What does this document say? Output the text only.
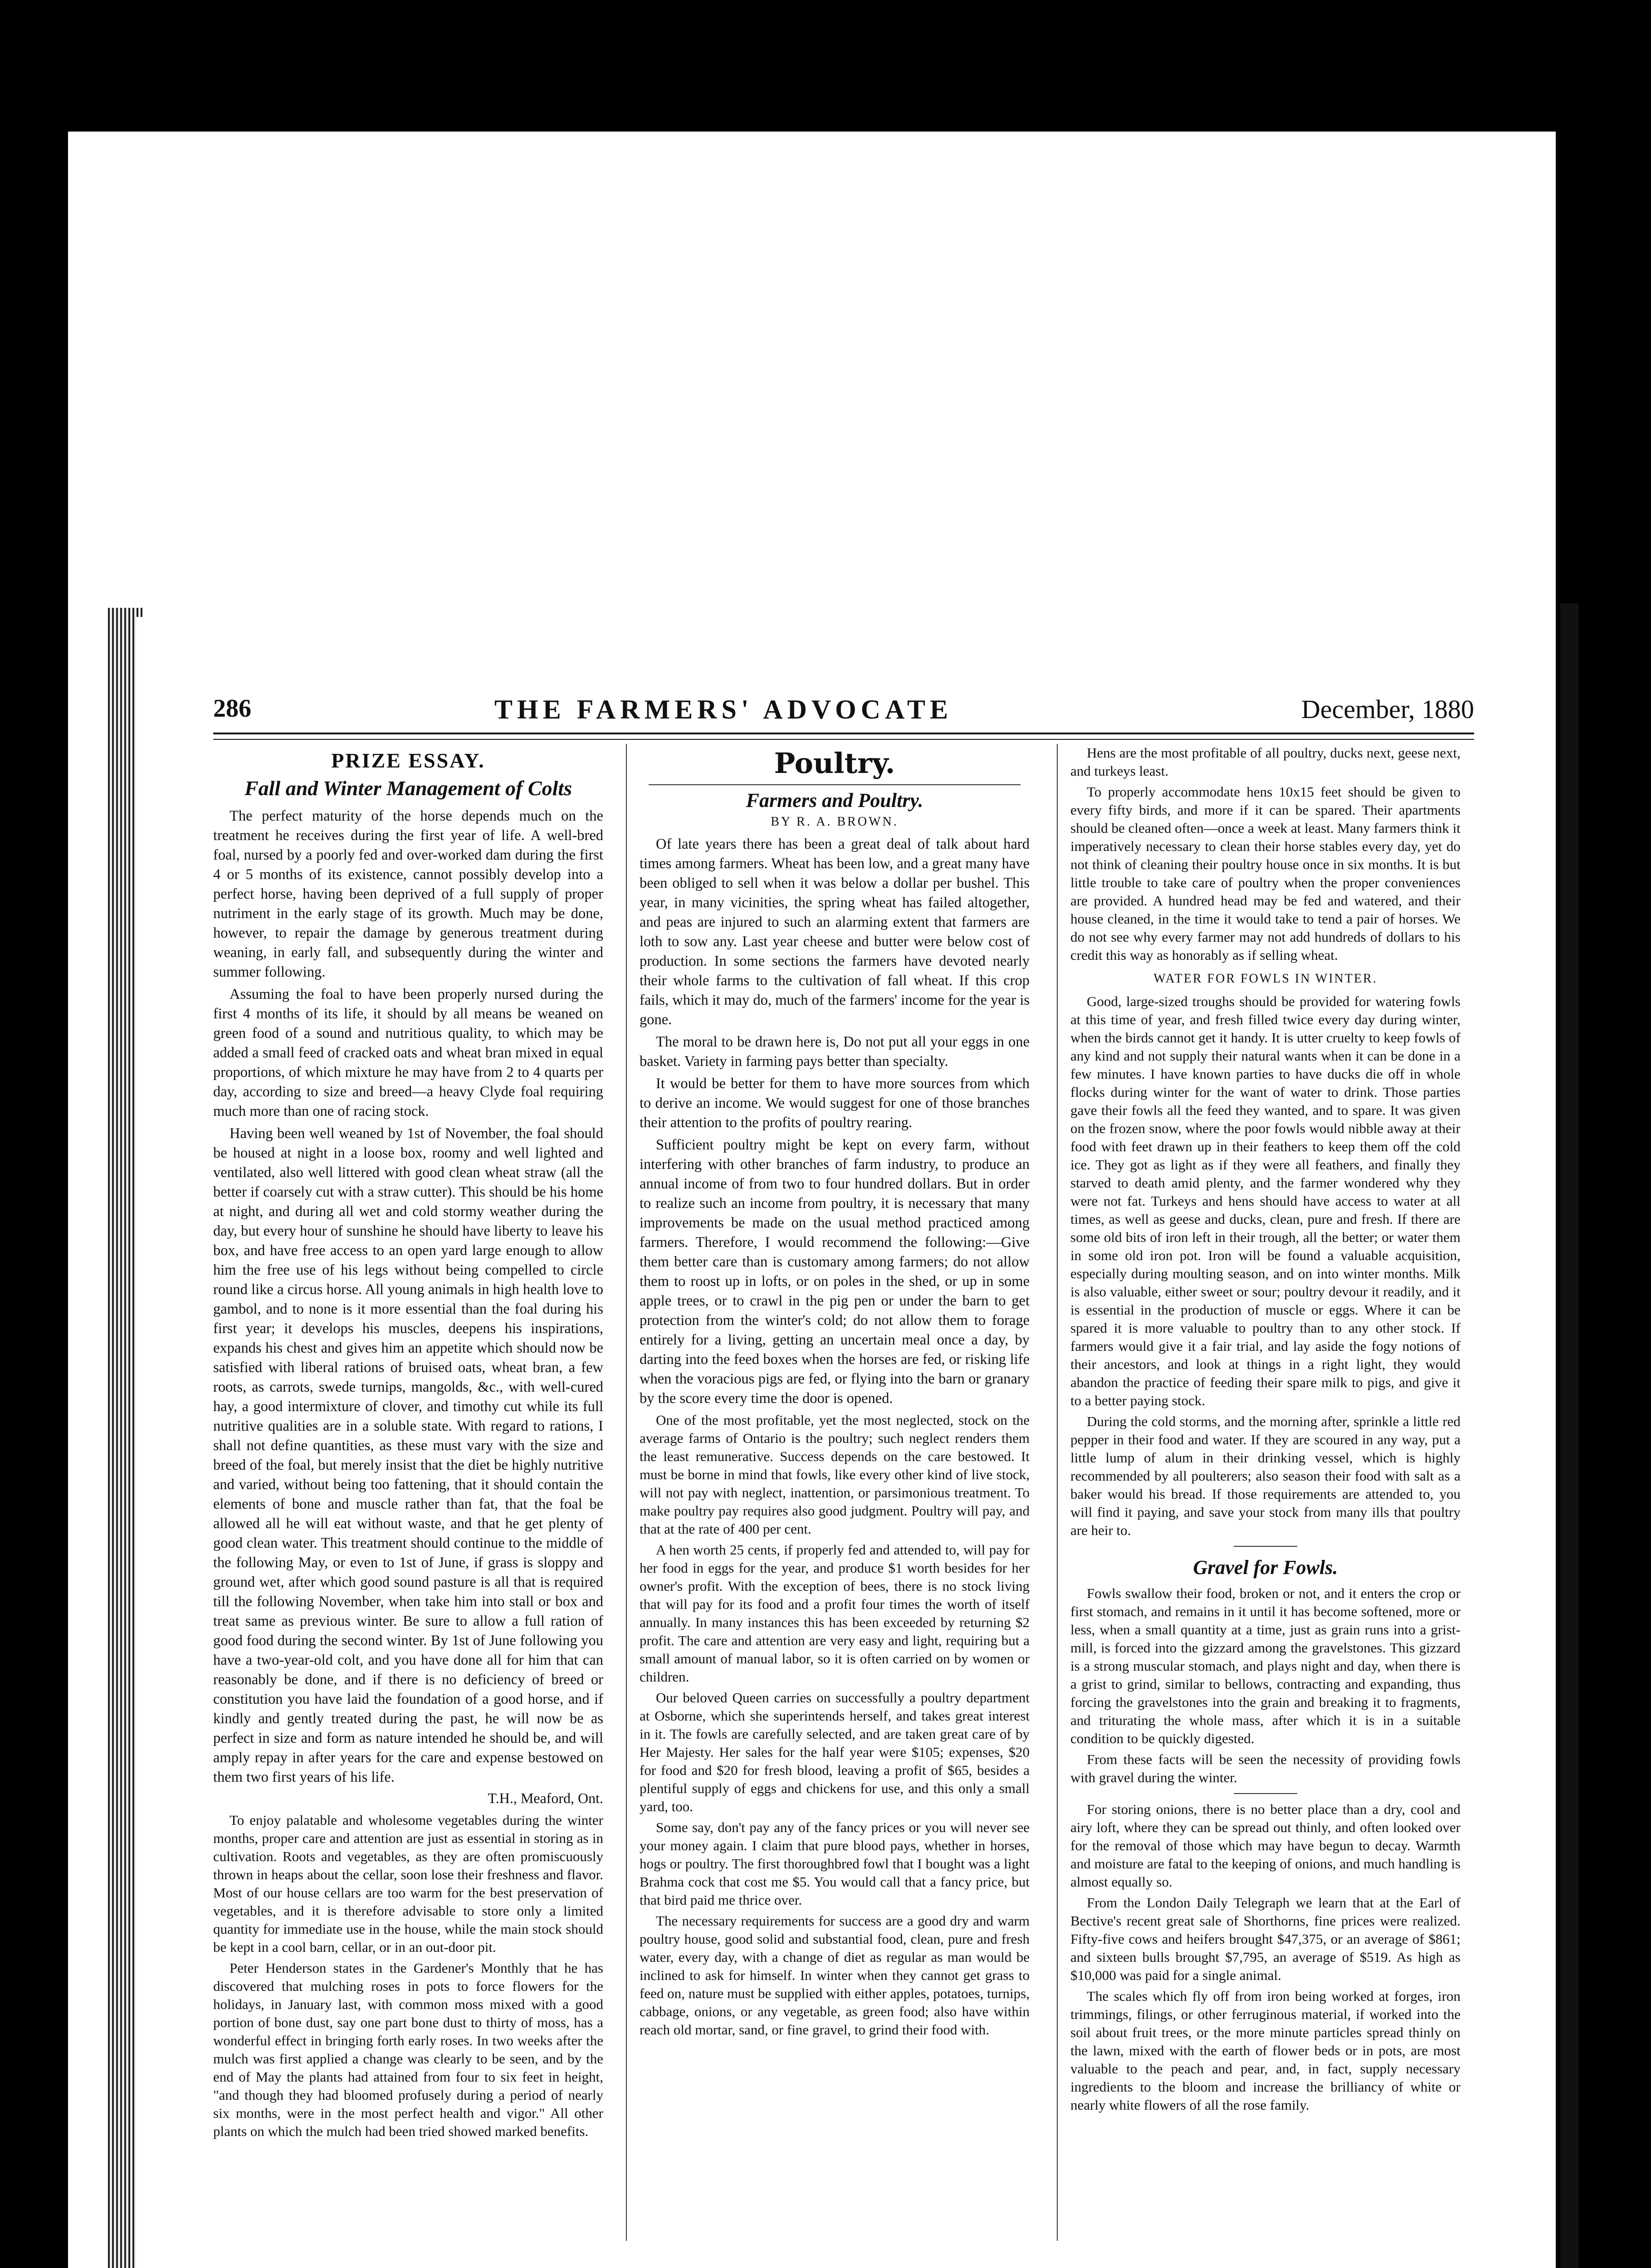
286	THE FARMERS' ADVOCATE	December, 1880
PRIZE ESSAY.
Fall and Winter Management of Colts

The perfect maturity of the horse depends much on the treatment he receives during the first year of life. A well-bred foal, nursed by a poorly fed and over-worked dam during the first 4 or 5 months of its existence, cannot possibly develop into a perfect horse, having been deprived of a full supply of proper nutriment in the early stage of its growth. Much may be done, however, to repair the damage by generous treatment during weaning, in early fall, and subsequently during the winter and summer following.

Assuming the foal to have been properly nursed during the first 4 months of its life, it should by all means be weaned on green food of a sound and nutritious quality, to which may be added a small feed of cracked oats and wheat bran mixed in equal proportions, of which mixture he may have from 2 to 4 quarts per day, according to size and breed—a heavy Clyde foal requiring much more than one of racing stock.

Having been well weaned by 1st of November, the foal should be housed at night in a loose box, roomy and well lighted and ventilated, also well littered with good clean wheat straw (all the better if coarsely cut with a straw cutter). This should be his home at night, and during all wet and cold stormy weather during the day, but every hour of sunshine he should have liberty to leave his box, and have free access to an open yard large enough to allow him the free use of his legs without being compelled to circle round like a circus horse. All young animals in high health love to gambol, and to none is it more essential than the foal during his first year; it develops his muscles, deepens his inspirations, expands his chest and gives him an appetite which should now be satisfied with liberal rations of bruised oats, wheat bran, a few roots, as carrots, swede turnips, mangolds, &c., with well-cured hay, a good intermixture of clover, and timothy cut while its full nutritive qualities are in a soluble state. With regard to rations, I shall not define quantities, as these must vary with the size and breed of the foal, but merely insist that the diet be highly nutritive and varied, without being too fattening, that it should contain the elements of bone and muscle rather than fat, that the foal be allowed all he will eat without waste, and that he get plenty of good clean water. This treatment should continue to the middle of the following May, or even to 1st of June, if grass is sloppy and ground wet, after which good sound pasture is all that is required till the following November, when take him into stall or box and treat same as previous winter. Be sure to allow a full ration of good food during the second winter. By 1st of June following you have a two-year-old colt, and you have done all for him that can reasonably be done, and if there is no deficiency of breed or constitution you have laid the foundation of a good horse, and if kindly and gently treated during the past, he will now be as perfect in size and form as nature intended he should be, and will amply repay in after years for the care and expense bestowed on them two first years of his life.

T.H., Meaford, Ont.

To enjoy palatable and wholesome vegetables during the winter months, proper care and attention are just as essential in storing as in cultivation. Roots and vegetables, as they are often promiscuously thrown in heaps about the cellar, soon lose their freshness and flavor. Most of our house cellars are too warm for the best preservation of vegetables, and it is therefore advisable to store only a limited quantity for immediate use in the house, while the main stock should be kept in a cool barn, cellar, or in an out-door pit.

Peter Henderson states in the Gardener's Monthly that he has discovered that mulching roses in pots to force flowers for the holidays, in January last, with common moss mixed with a good portion of bone dust, say one part bone dust to thirty of moss, has a wonderful effect in bringing forth early roses. In two weeks after the mulch was first applied a change was clearly to be seen, and by the end of May the plants had attained from four to six feet in height, "and though they had bloomed profusely during a period of nearly six months, were in the most perfect health and vigor." All other plants on which the mulch had been tried showed marked benefits.

Poultry.
Farmers and Poultry.
BY R. A. BROWN.

Of late years there has been a great deal of talk about hard times among farmers. Wheat has been low, and a great many have been obliged to sell when it was below a dollar per bushel. This year, in many vicinities, the spring wheat has failed altogether, and peas are injured to such an alarming extent that farmers are loth to sow any. Last year cheese and butter were below cost of production. In some sections the farmers have devoted nearly their whole farms to the cultivation of fall wheat. If this crop fails, which it may do, much of the farmers' income for the year is gone.

The moral to be drawn here is, Do not put all your eggs in one basket. Variety in farming pays better than specialty.

It would be better for them to have more sources from which to derive an income. We would suggest for one of those branches their attention to the profits of poultry rearing.

Sufficient poultry might be kept on every farm, without interfering with other branches of farm industry, to produce an annual income of from two to four hundred dollars. But in order to realize such an income from poultry, it is necessary that many improvements be made on the usual method practiced among farmers. Therefore, I would recommend the following:—Give them better care than is customary among farmers; do not allow them to roost up in lofts, or on poles in the shed, or up in some apple trees, or to crawl in the pig pen or under the barn to get protection from the winter's cold; do not allow them to forage entirely for a living, getting an uncertain meal once a day, by darting into the feed boxes when the horses are fed, or risking life when the voracious pigs are fed, or flying into the barn or granary by the score every time the door is opened.

One of the most profitable, yet the most neglected, stock on the average farms of Ontario is the poultry; such neglect renders them the least remunerative. Success depends on the care bestowed. It must be borne in mind that fowls, like every other kind of live stock, will not pay with neglect, inattention, or parsimonious treatment. To make poultry pay requires also good judgment. Poultry will pay, and that at the rate of 400 per cent.

A hen worth 25 cents, if properly fed and attended to, will pay for her food in eggs for the year, and produce $1 worth besides for her owner's profit. With the exception of bees, there is no stock living that will pay for its food and a profit four times the worth of itself annually. In many instances this has been exceeded by returning $2 profit. The care and attention are very easy and light, requiring but a small amount of manual labor, so it is often carried on by women or children.

Our beloved Queen carries on successfully a poultry department at Osborne, which she superintends herself, and takes great interest in it. The fowls are carefully selected, and are taken great care of by Her Majesty. Her sales for the half year were $105; expenses, $20 for food and $20 for fresh blood, leaving a profit of $65, besides a plentiful supply of eggs and chickens for use, and this only a small yard, too.

Some say, don't pay any of the fancy prices or you will never see your money again. I claim that pure blood pays, whether in horses, hogs or poultry. The first thoroughbred fowl that I bought was a light Brahma cock that cost me $5. You would call that a fancy price, but that bird paid me thrice over.

The necessary requirements for success are a good dry and warm poultry house, good solid and substantial food, clean, pure and fresh water, every day, with a change of diet as regular as man would be inclined to ask for himself. In winter when they cannot get grass to feed on, nature must be supplied with either apples, potatoes, turnips, cabbage, onions, or any vegetable, as green food; also have within reach old mortar, sand, or fine gravel, to grind their food with.

Hens are the most profitable of all poultry, ducks next, geese next, and turkeys least.

To properly accommodate hens 10x15 feet should be given to every fifty birds, and more if it can be spared. Their apartments should be cleaned often—once a week at least. Many farmers think it imperatively necessary to clean their horse stables every day, yet do not think of cleaning their poultry house once in six months. It is but little trouble to take care of poultry when the proper conveniences are provided. A hundred head may be fed and watered, and their house cleaned, in the time it would take to tend a pair of horses. We do not see why every farmer may not add hundreds of dollars to his credit this way as honorably as if selling wheat.

WATER FOR FOWLS IN WINTER.

Good, large-sized troughs should be provided for watering fowls at this time of year, and fresh filled twice every day during winter, when the birds cannot get it handy. It is utter cruelty to keep fowls of any kind and not supply their natural wants when it can be done in a few minutes. I have known parties to have ducks die off in whole flocks during winter for the want of water to drink. Those parties gave their fowls all the feed they wanted, and to spare. It was given on the frozen snow, where the poor fowls would nibble away at their food with feet drawn up in their feathers to keep them off the cold ice. They got as light as if they were all feathers, and finally they starved to death amid plenty, and the farmer wondered why they were not fat. Turkeys and hens should have access to water at all times, as well as geese and ducks, clean, pure and fresh. If there are some old bits of iron left in their trough, all the better; or water them in some old iron pot. Iron will be found a valuable acquisition, especially during moulting season, and on into winter months. Milk is also valuable, either sweet or sour; poultry devour it readily, and it is essential in the production of muscle or eggs. Where it can be spared it is more valuable to poultry than to any other stock. If farmers would give it a fair trial, and lay aside the fogy notions of their ancestors, and look at things in a right light, they would abandon the practice of feeding their spare milk to pigs, and give it to a better paying stock.

During the cold storms, and the morning after, sprinkle a little red pepper in their food and water. If they are scoured in any way, put a little lump of alum in their drinking vessel, which is highly recommended by all poulterers; also season their food with salt as a baker would his bread. If those requirements are attended to, you will find it paying, and save your stock from many ills that poultry are heir to.

Gravel for Fowls.

Fowls swallow their food, broken or not, and it enters the crop or first stomach, and remains in it until it has become softened, more or less, when a small quantity at a time, just as grain runs into a grist-mill, is forced into the gizzard among the gravelstones. This gizzard is a strong muscular stomach, and plays night and day, when there is a grist to grind, similar to bellows, contracting and expanding, thus forcing the gravelstones into the grain and breaking it to fragments, and triturating the whole mass, after which it is in a suitable condition to be quickly digested.

From these facts will be seen the necessity of providing fowls with gravel during the winter.

For storing onions, there is no better place than a dry, cool and airy loft, where they can be spread out thinly, and often looked over for the removal of those which may have begun to decay. Warmth and moisture are fatal to the keeping of onions, and much handling is almost equally so.

From the London Daily Telegraph we learn that at the Earl of Bective's recent great sale of Shorthorns, fine prices were realized. Fifty-five cows and heifers brought $47,375, or an average of $861; and sixteen bulls brought $7,795, an average of $519. As high as $10,000 was paid for a single animal.

The scales which fly off from iron being worked at forges, iron trimmings, filings, or other ferruginous material, if worked into the soil about fruit trees, or the more minute particles spread thinly on the lawn, mixed with the earth of flower beds or in pots, are most valuable to the peach and pear, and, in fact, supply necessary ingredients to the bloom and increase the brilliancy of white or nearly white flowers of all the rose family.
